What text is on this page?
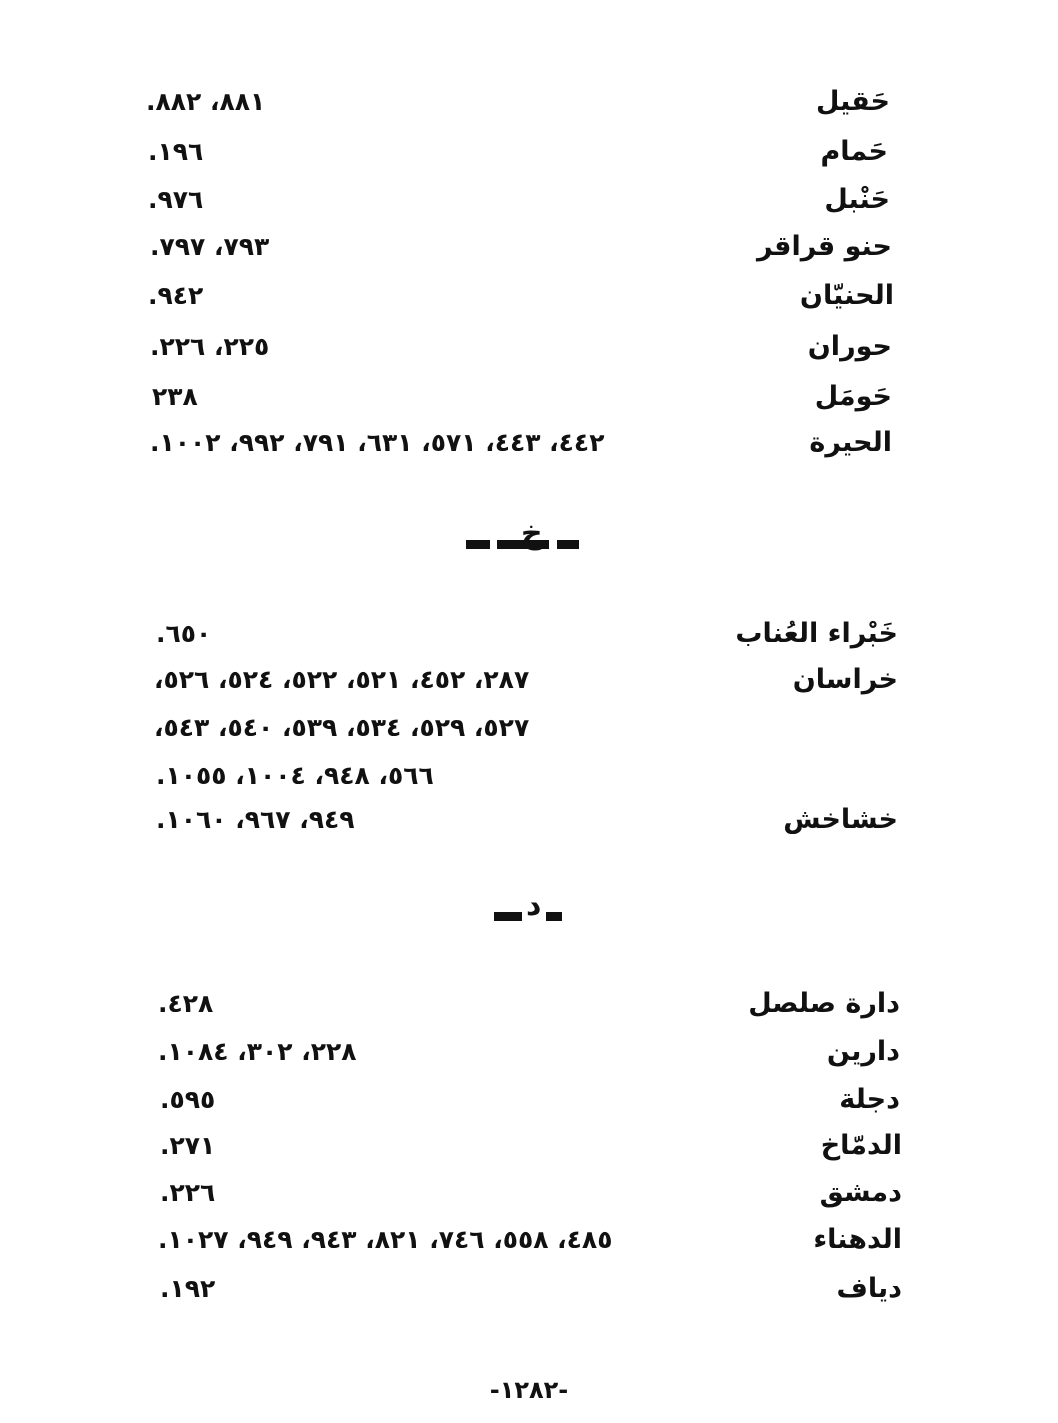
حَقيل
٨٨١، ٨٨٢.
حَمام
١٩٦.
حَنْبل
٩٧٦.
حنو قراقر
٧٩٣، ٧٩٧.
الحنيّان
٩٤٢.
حوران
٢٢٥، ٢٢٦.
حَومَل
٢٣٨
الحيرة
٤٤٢، ٤٤٣، ٥٧١، ٦٣١، ٧٩١، ٩٩٢، ١٠٠٢.
خ
خَبْراء العُناب
٦٥٠.
خراسان
٢٨٧، ٤٥٢، ٥٢١، ٥٢٢، ٥٢٤، ٥٢٦،
٥٢٧، ٥٢٩، ٥٣٤، ٥٣٩، ٥٤٠، ٥٤٣،
٥٦٦، ٩٤٨، ١٠٠٤، ١٠٥٥.
خشاخش
٩٤٩، ٩٦٧، ١٠٦٠.
د
دارة صلصل
٤٢٨.
دارين
٢٢٨، ٣٠٢، ١٠٨٤.
دجلة
٥٩٥.
الدمّاخ
٢٧١.
دمشق
٢٢٦.
الدهناء
٤٨٥، ٥٥٨، ٧٤٦، ٨٢١، ٩٤٣، ٩٤٩، ١٠٢٧.
دياف
١٩٢.
-١٢٨٢-
